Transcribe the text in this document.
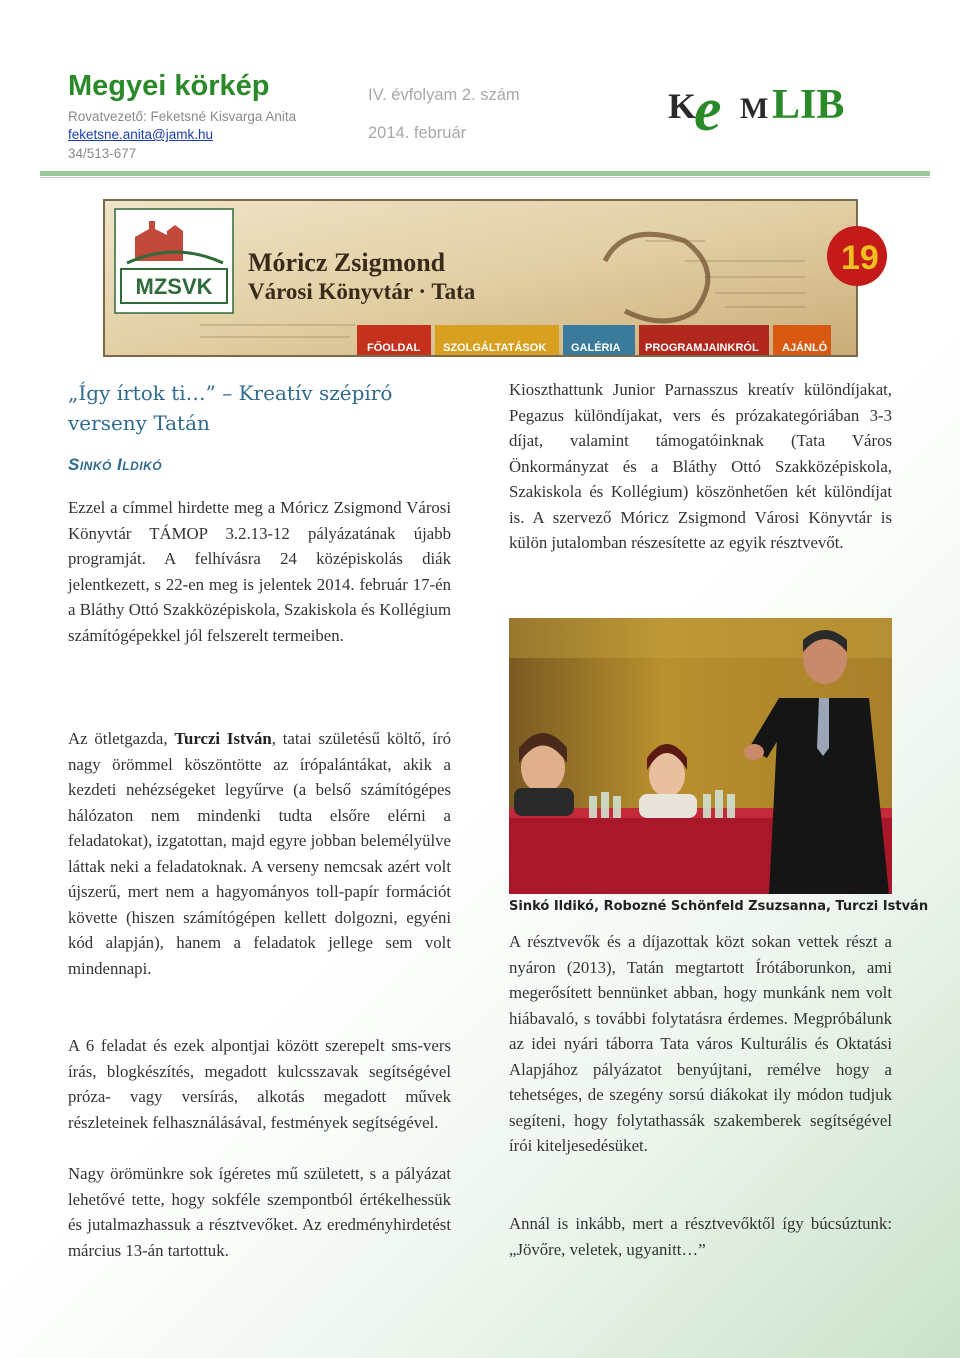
Megyei körkép
Rovatvezető: Feketsné Kisvarga Anita
feketsne.anita@jamk.hu
34/513-677
IV. évfolyam 2. szám
2014. február
K
e M LIB
MZSVK
Móricz Zsigmond
Városi Könyvtár · Tata
19
FŐOLDAL SZOLGÁLTATÁSOK GALÉRIA PROGRAMJAINKRÓL AJÁNLÓ
„Így írtok ti…” – Kreatív szépíró verseny Tatán
Sinkó Ildikó
Ezzel a címmel hirdette meg a Móricz Zsigmond Városi Könyvtár TÁMOP 3.2.13-12 pályázatának újabb programját. A felhívásra 24 középiskolás diák jelentkezett, s 22-en meg is jelentek 2014. február 17-én a Bláthy Ottó Szakközépiskola, Szakiskola és Kollégium számítógépekkel jól felszerelt termeiben.
Az ötletgazda, Turczi István, tatai születésű költő, író nagy örömmel köszöntötte az írópalántákat, akik a kezdeti nehézségeket legyűrve (a belső számítógépes hálózaton nem mindenki tudta elsőre elérni a feladatokat), izgatottan, majd egyre jobban belemélyülve láttak neki a feladatoknak. A verseny nemcsak azért volt újszerű, mert nem a hagyományos toll-papír formációt követte (hiszen számítógépen kellett dolgozni, egyéni kód alapján), hanem a feladatok jellege sem volt mindennapi.
A 6 feladat és ezek alpontjai között szerepelt sms-vers írás, blogkészítés, megadott kulcsszavak segítségével próza- vagy versírás, alkotás megadott művek részleteinek felhasználásával, festmények segítségével.
Nagy örömünkre sok ígéretes mű született, s a pályázat lehetővé tette, hogy sokféle szempontból értékelhessük és jutalmazhassuk a résztvevőket. Az eredményhirdetést március 13-án tartottuk.
Kioszthattunk Junior Parnasszus kreatív különdíjakat, Pegazus különdíjakat, vers és prózakategóriában 3-3 díjat, valamint támogatóinknak (Tata Város Önkormányzat és a Bláthy Ottó Szakközépiskola, Szakiskola és Kollégium) köszönhetően két különdíjat is. A szervező Móricz Zsigmond Városi Könyvtár is külön jutalomban részesítette az egyik résztvevőt.
Sinkó Ildikó, Robozné Schönfeld Zsuzsanna, Turczi István
A résztvevők és a díjazottak közt sokan vettek részt a nyáron (2013), Tatán megtartott Írótáborunkon, ami megerősített bennünket abban, hogy munkánk nem volt hiábavaló, s további folytatásra érdemes. Megpróbálunk az idei nyári táborra Tata város Kulturális és Oktatási Alapjához pályázatot benyújtani, remélve hogy a tehetséges, de szegény sorsú diákokat ily módon tudjuk segíteni, hogy folytathassák szakemberek segítségével írói kiteljesedésüket.
Annál is inkább, mert a résztvevőktől így búcsúztunk: „Jövőre, veletek, ugyanitt…”
